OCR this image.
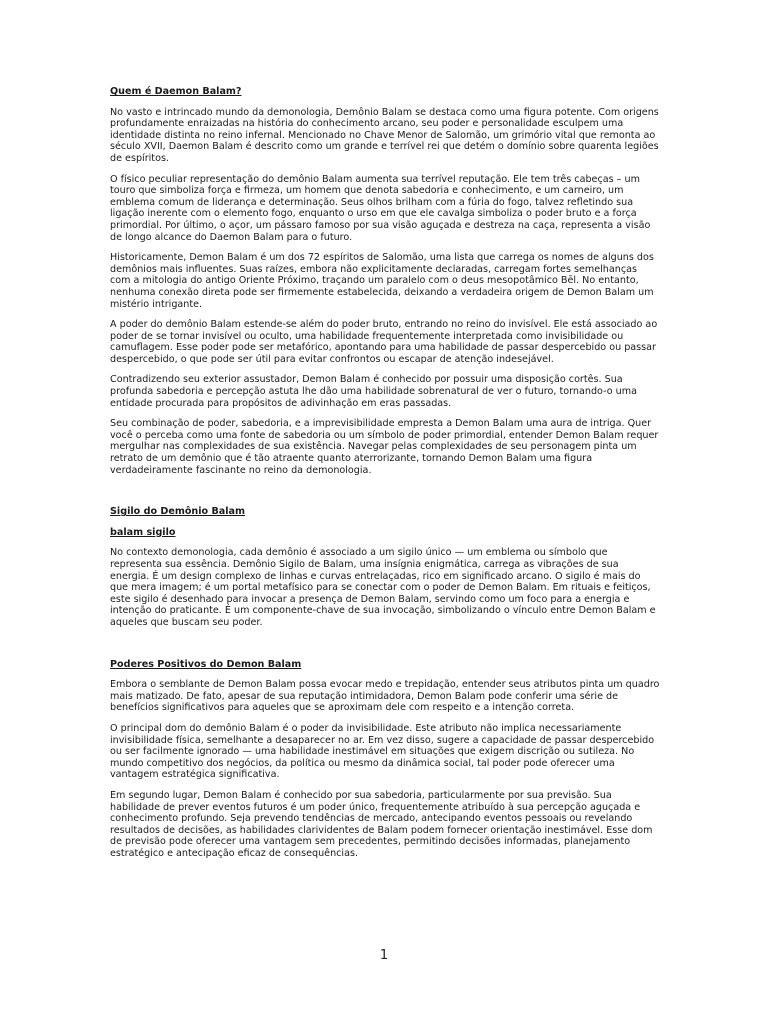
Quem é Daemon Balam?

No vasto e intrincado mundo da demonologia, Demônio Balam se destaca como uma figura potente. Com origens profundamente enraizadas na história do conhecimento arcano, seu poder e personalidade esculpem uma identidade distinta no reino infernal. Mencionado no Chave Menor de Salomão, um grimório vital que remonta ao século XVII, Daemon Balam é descrito como um grande e terrível rei que detém o domínio sobre quarenta legiões de espíritos.

O físico peculiar representação do demônio Balam aumenta sua terrível reputação. Ele tem três cabeças – um touro que simboliza força e firmeza, um homem que denota sabedoria e conhecimento, e um carneiro, um emblema comum de liderança e determinação. Seus olhos brilham com a fúria do fogo, talvez refletindo sua ligação inerente com o elemento fogo, enquanto o urso em que ele cavalga simboliza o poder bruto e a força primordial. Por último, o açor, um pássaro famoso por sua visão aguçada e destreza na caça, representa a visão de longo alcance do Daemon Balam para o futuro.

Historicamente, Demon Balam é um dos 72 espíritos de Salomão, uma lista que carrega os nomes de alguns dos demônios mais influentes. Suas raízes, embora não explicitamente declaradas, carregam fortes semelhanças com a mitologia do antigo Oriente Próximo, traçando um paralelo com o deus mesopotâmico Bēl. No entanto, nenhuma conexão direta pode ser firmemente estabelecida, deixando a verdadeira origem de Demon Balam um mistério intrigante.

A poder do demônio Balam estende-se além do poder bruto, entrando no reino do invisível. Ele está associado ao poder de se tornar invisível ou oculto, uma habilidade frequentemente interpretada como invisibilidade ou camuflagem. Esse poder pode ser metafórico, apontando para uma habilidade de passar despercebido ou passar despercebido, o que pode ser útil para evitar confrontos ou escapar de atenção indesejável.

Contradizendo seu exterior assustador, Demon Balam é conhecido por possuir uma disposição cortês. Sua profunda sabedoria e percepção astuta lhe dão uma habilidade sobrenatural de ver o futuro, tornando-o uma entidade procurada para propósitos de adivinhação em eras passadas.

Seu combinação de poder, sabedoria, e a imprevisibilidade empresta a Demon Balam uma aura de intriga. Quer você o perceba como uma fonte de sabedoria ou um símbolo de poder primordial, entender Demon Balam requer mergulhar nas complexidades de sua existência. Navegar pelas complexidades de seu personagem pinta um retrato de um demônio que é tão atraente quanto aterrorizante, tornando Demon Balam uma figura verdadeiramente fascinante no reino da demonologia.

Sigilo do Demônio Balam
balam sigilo

No contexto demonologia, cada demônio é associado a um sigilo único — um emblema ou símbolo que representa sua essência. Demônio Sigilo de Balam, uma insígnia enigmática, carrega as vibrações de sua energia. É um design complexo de linhas e curvas entrelaçadas, rico em significado arcano. O sigilo é mais do que mera imagem; é um portal metafísico para se conectar com o poder de Demon Balam. Em rituais e feitiços, este sigilo é desenhado para invocar a presença de Demon Balam, servindo como um foco para a energia e intenção do praticante. É um componente-chave de sua invocação, simbolizando o vínculo entre Demon Balam e aqueles que buscam seu poder.

Poderes Positivos do Demon Balam

Embora o semblante de Demon Balam possa evocar medo e trepidação, entender seus atributos pinta um quadro mais matizado. De fato, apesar de sua reputação intimidadora, Demon Balam pode conferir uma série de benefícios significativos para aqueles que se aproximam dele com respeito e a intenção correta.

O principal dom do demônio Balam é o poder da invisibilidade. Este atributo não implica necessariamente invisibilidade física, semelhante a desaparecer no ar. Em vez disso, sugere a capacidade de passar despercebido ou ser facilmente ignorado — uma habilidade inestimável em situações que exigem discrição ou sutileza. No mundo competitivo dos negócios, da política ou mesmo da dinâmica social, tal poder pode oferecer uma vantagem estratégica significativa.

Em segundo lugar, Demon Balam é conhecido por sua sabedoria, particularmente por sua previsão. Sua habilidade de prever eventos futuros é um poder único, frequentemente atribuído à sua percepção aguçada e conhecimento profundo. Seja prevendo tendências de mercado, antecipando eventos pessoais ou revelando resultados de decisões, as habilidades clarividentes de Balam podem fornecer orientação inestimável. Esse dom de previsão pode oferecer uma vantagem sem precedentes, permitindo decisões informadas, planejamento estratégico e antecipação eficaz de consequências.

1
